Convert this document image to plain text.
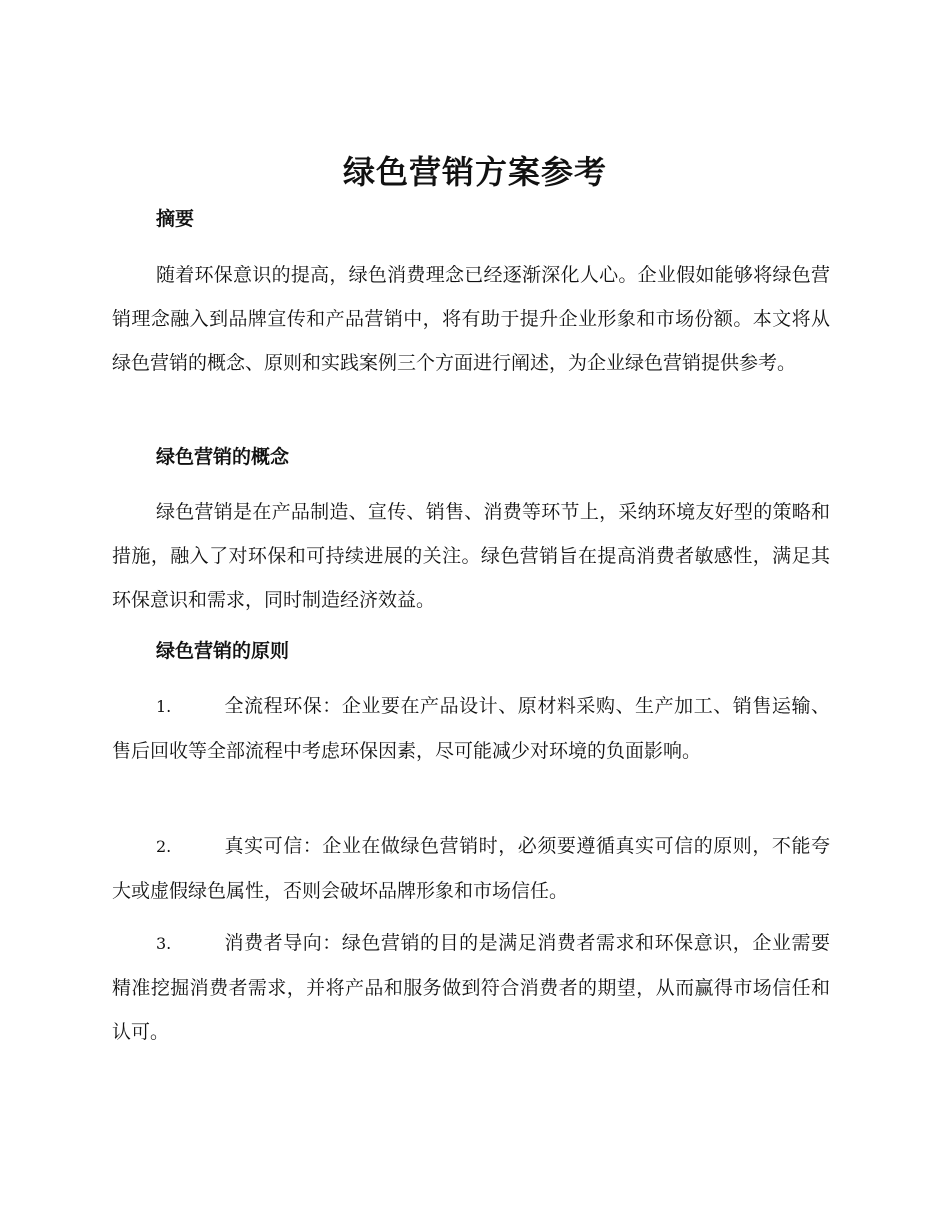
绿色营销方案参考
摘要

随着环保意识的提高，绿色消费理念已经逐渐深化人心。企业假如能够将绿色营销理念融入到品牌宣传和产品营销中，将有助于提升企业形象和市场份额。本文将从绿色营销的概念、原则和实践案例三个方面进行阐述，为企业绿色营销提供参考。

绿色营销的概念

绿色营销是在产品制造、宣传、销售、消费等环节上，采纳环境友好型的策略和措施，融入了对环保和可持续进展的关注。绿色营销旨在提高消费者敏感性，满足其环保意识和需求，同时制造经济效益。

绿色营销的原则

1.	全流程环保：企业要在产品设计、原材料采购、生产加工、销售运输、售后回收等全部流程中考虑环保因素，尽可能减少对环境的负面影响。

2.	真实可信：企业在做绿色营销时，必须要遵循真实可信的原则，不能夸大或虚假绿色属性，否则会破坏品牌形象和市场信任。

3.	消费者导向：绿色营销的目的是满足消费者需求和环保意识，企业需要精准挖掘消费者需求，并将产品和服务做到符合消费者的期望，从而赢得市场信任和认可。
